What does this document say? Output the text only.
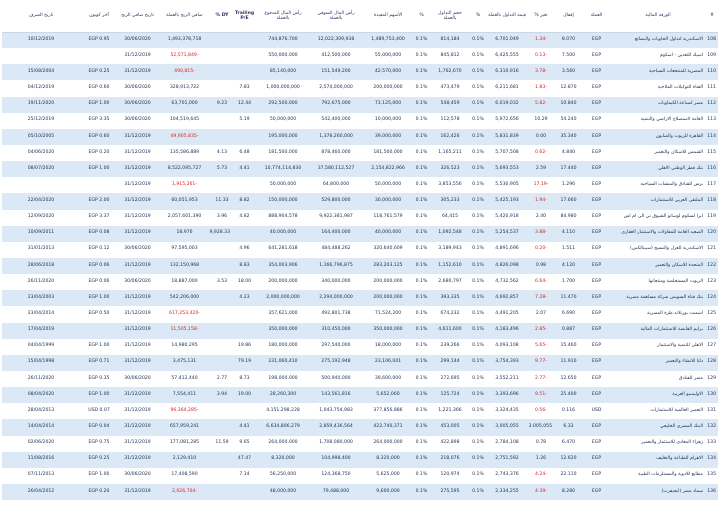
#	الورقة المالية	العملة	إقفال	تغير %	قيمة التداول بالعملة	%	حجم التداول بالعملة	%	الأسهم المقيدة	رأس المال السوقي بالعملة	رأس المال المدفوع بالعملة	Trailing P/E	DY %	صافي الربح بالعملة	تاريخ صافي الربح	آخر كوبون	تاريخ الصرف
108	الاسكندرية لتداول الحاويات والبضائع	EGP	8.070	-1.34	6,701,049	0.1%	814,184	0.1%	1,489,753,400	12,022,309,938	744,876,700			1,493,378,718	30/06/2020	EGP 0.95	10/12/2019
109	اسيك للتعدين - اسكوم	EGP	7.500	-0.13	6,425,555	0.1%	845,812	0.1%	55,000,000	412,500,000	550,000,000			-52,571,849	31/12/2019		
110	المصرية للمنتجعات السياحية	EGP	3.560	-3.78	6,310,916	0.1%	1,762,670	0.1%	42,570,000	151,549,200	85,140,000			-490,815	31/12/2019	EGP 0.25	15/08/2004
111	القناة للتوكيلات الملاحية	EGP	12.870	-1.83	6,211,681	0.1%	473,479	0.1%	200,000,000	2,574,000,000	1,000,000,000	7.83		328,913,722	30/06/2020	EGP 0.60	04/12/2019
112	مصر لصناعة الكيماويات	EGP	10.840	-5.82	6,019,032	0.1%	548,459	0.1%	73,125,000	792,675,000	292,500,000	12.44	9.23	63,701,000	30/06/2020	EGP 1.00	19/11/2020
113	العامة لاستصلاح الاراضي والتنمية	EGP	54.240	10.29	5,972,656	0.1%	112,578	0.1%	10,000,000	542,400,000	50,000,000	5.19		104,519,645	30/06/2020	EGP 3.35	25/12/2019
114	القاهرة للزيوت والصابون	EGP	35.340	0.00	5,831,839	0.1%	162,426	0.1%	39,000,000	1,378,260,000	195,000,000			-49,905,835	31/12/2019	EGP 0.60	05/10/2005
115	الشمس للاسكان والتعمير	EGP	4.840	-0.62	5,707,508	0.1%	1,165,211	0.1%	181,500,000	878,460,000	181,500,000	6.48	4.13	135,586,889	31/12/2019	EGP 0.20	04/06/2020
116	بنك قطر الوطني الاهلي	EGP	17.440	2.59	5,693,553	0.1%	326,523	0.1%	2,154,822,966	37,580,112,527	10,774,114,830	4.41	5.73	8,522,095,727	31/12/2019	EGP 1.00	08/07/2020
117	برس للفنادق والمنشات السياحية	EGP	1.296	-17.19	5,530,905	0.1%	3,853,556	0.1%	50,000,000	64,800,000	50,000,000			-1,915,261	31/12/2019		
118	الملتقى العربي للاستثمارات	EGP	17.660	-1.94	5,425,193	0.1%	305,233	0.1%	30,000,000	529,800,000	150,000,000	8.82	11.33	60,051,953	31/12/2019	EGP 2.00	22/04/2020
119	ايرا لسكوم لوساتو الشيوق تي الى ام اس	EGP	84.980	2.40	5,420,918	0.1%	64,415	0.1%	118,761,579	9,922,381,987	888,904,578	4.82	3.96	2,057,601,390	31/12/2019	EGP 3.37	12/09/2020
120	الصعيد العامة للمقاولات والاستثمار العقاري	EGP	4.110	-3.88	5,254,537	0.1%	1,092,548	0.1%	40,000,000	164,400,000	40,000,000		9,928.33	18,976	31/12/2019	EGP 0.08	10/09/2011
121	الاسكندرية للغزل والنسيج (سبينالكس)	EGP	1.511	-0.20	4,891,696	0.1%	3,189,943	0.1%	320,640,609	484,488,262	641,281,618	4.96		97,595,003	30/06/2020	EGP 0.12	31/01/2013
122	المتحدة للاسكان والتعمير	EGP	4.120	0.98	4,826,098	0.1%	1,152,610	0.1%	283,203,125	1,166,796,875	354,003,906	8.83		132,150,968	31/12/2019	EGP 0.06	28/06/2018
123	الزيوت المستخلصة ومنتجاتها	EGP	1.700	-6.64	4,732,562	0.1%	2,680,797	0.1%	200,000,000	340,000,000	200,000,000	18.00	3.53	18,887,000	30/06/2020	EGP 0.06	26/11/2020
124	بنك قناة السويس شركة مساهمة مصرية	EGP	11.470	-7.28	4,692,857	0.1%	393,335	0.1%	200,000,000	2,294,000,000	2,000,000,000	4.23		542,206,000	31/12/2019	EGP 1.00	23/04/2003
125	اسمنت بورتلاند طرة المصرية	EGP	6.690	2.07	4,491,205	0.1%	674,232	0.1%	71,524,200	492,801,738	357,621,000			-617,253,420	31/12/2019	EGP 0.50	23/04/2014
126	برايم القابضة للاستثمارات المالية	EGP	0.887	-2.85	4,183,496	0.1%	4,611,600	0.1%	350,000,000	310,450,000	350,000,000			-11,505,158	31/12/2019		17/04/2019
127	الاهلى للتنمية والاستثمار	EGP	15.460	-5.65	4,093,108	0.1%	239,266	0.1%	18,000,000	297,540,000	180,000,000	19.86		14,980,295	31/12/2019	EGP 1.00	04/04/1999
128	دلتا للانشاء والتعمير	EGP	11.910	-9.77	3,754,393	0.1%	299,144	0.1%	23,106,041	275,192,948	231,060,410	79.19		3,475,131	31/12/2019	EGP 0.71	15/04/1998
129	مصر للفنادق	EGP	12.650	-2.77	3,552,211	0.1%	272,695	0.1%	39,600,000	500,940,000	198,000,000	8.73	2.77	57,412,440	30/06/2020	EGP 0.35	26/11/2020
130	الاوليمبيو العربية	EGP	25.400	-9.51	3,393,696	0.1%	125,724	0.1%	5,652,060	143,561,816	28,260,300	19.00	3.94	7,554,411	31/12/2019	EGP 1.00	08/04/2020
131	التعمير العالمية للاستثمارات	USD	0.116	-0.56	3,324,435	0.1%	1,221,366	0.1%	377,856,886	1,043,754,983	4,151,298,228			-96,364,285	31/12/2019	USD 0.07	28/04/2013
132	البنك المصري الخليجي	EGP	6.33	3.005,055	3,005,055	0.1%	453,005	0.1%	422,740,371	2,859,436,564	6,634,806,279	4.41		657,959,241	31/12/2019	EGP 0.04	14/04/2014
133	زهراء المعادي للاستثمار والتعمير	EGP	6.470	0.78	2,784,108	0.1%	422,898	0.1%	264,000,000	1,708,080,000	264,000,000	9.65	11.59	177,081,285	31/12/2019	EGP 0.75	02/06/2020
134	الاهرام للطباعة والتغليف	EGP	12.620	1.26	2,751,592	0.1%	218,076	0.1%	8,320,000	104,998,400	8,320,000	47.47		2,129,410	31/12/2019	EGP 0.25	11/08/2016
135	مطابع للادوية والمستلزمات الطبية	EGP	22.110	-4.24	2,743,376	0.1%	120,974	0.1%	5,625,000	124,368,750	56,250,000	7.14		17,408,590	30/06/2020	EGP 1.00	07/11/2013
136	سماد مصر (ايجيفرت)	EGP	8.280	-4.39	2,334,255	0.1%	275,595	0.1%	9,600,000	79,488,000	48,000,000			-2,026,704	31/12/2019	EGP 0.20	26/04/2012
